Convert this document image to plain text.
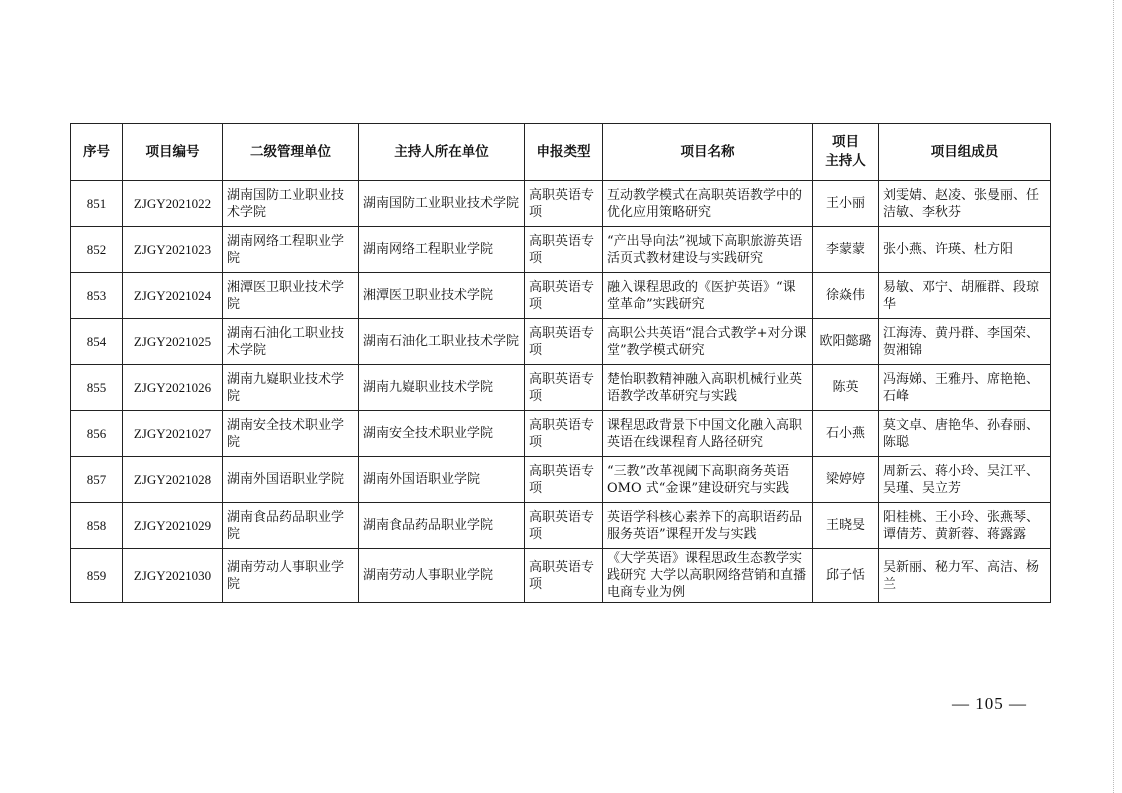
序号	项目编号	二级管理单位	主持人所在单位	申报类型	项目名称	项目
主持人	项目组成员
851	ZJGY2021022	湖南国防工业职业技术学院	湖南国防工业职业技术学院	高职英语专项	互动教学模式在高职英语教学中的优化应用策略研究	王小丽	刘雯婧、赵凌、张曼丽、任洁敏、李秋芬
852	ZJGY2021023	湖南网络工程职业学院	湖南网络工程职业学院	高职英语专项	“产出导向法”视域下高职旅游英语活页式教材建设与实践研究	李蒙蒙	张小燕、许瑛、杜方阳
853	ZJGY2021024	湘潭医卫职业技术学院	湘潭医卫职业技术学院	高职英语专项	融入课程思政的《医护英语》“课堂革命”实践研究	徐焱伟	易敏、邓宁、胡雁群、段琼华
854	ZJGY2021025	湖南石油化工职业技术学院	湖南石油化工职业技术学院	高职英语专项	高职公共英语“混合式教学+对分课堂”教学模式研究	欧阳懿璐	江海涛、黄丹群、李国荣、贺湘锦
855	ZJGY2021026	湖南九嶷职业技术学院	湖南九嶷职业技术学院	高职英语专项	楚怡职教精神融入高职机械行业英语教学改革研究与实践	陈英	冯海娣、王雅丹、席艳艳、石峰
856	ZJGY2021027	湖南安全技术职业学院	湖南安全技术职业学院	高职英语专项	课程思政背景下中国文化融入高职英语在线课程育人路径研究	石小燕	莫文卓、唐艳华、孙春丽、陈聪
857	ZJGY2021028	湖南外国语职业学院	湖南外国语职业学院	高职英语专项	“三教”改革视阈下高职商务英语 OMO 式“金课”建设研究与实践	梁婷婷	周新云、蒋小玲、吴江平、吴瑾、吴立芳
858	ZJGY2021029	湖南食品药品职业学院	湖南食品药品职业学院	高职英语专项	英语学科核心素养下的高职语药品服务英语”课程开发与实践	王晓旻	阳桂桃、王小玲、张燕琴、谭倩芳、黄新蓉、蒋露露
859	ZJGY2021030	湖南劳动人事职业学院	湖南劳动人事职业学院	高职英语专项	《大学英语》课程思政生态教学实践研究 大学以高职网络营销和直播电商专业为例	邱子恬	吴新丽、秘力军、高洁、杨兰
— 105 —
